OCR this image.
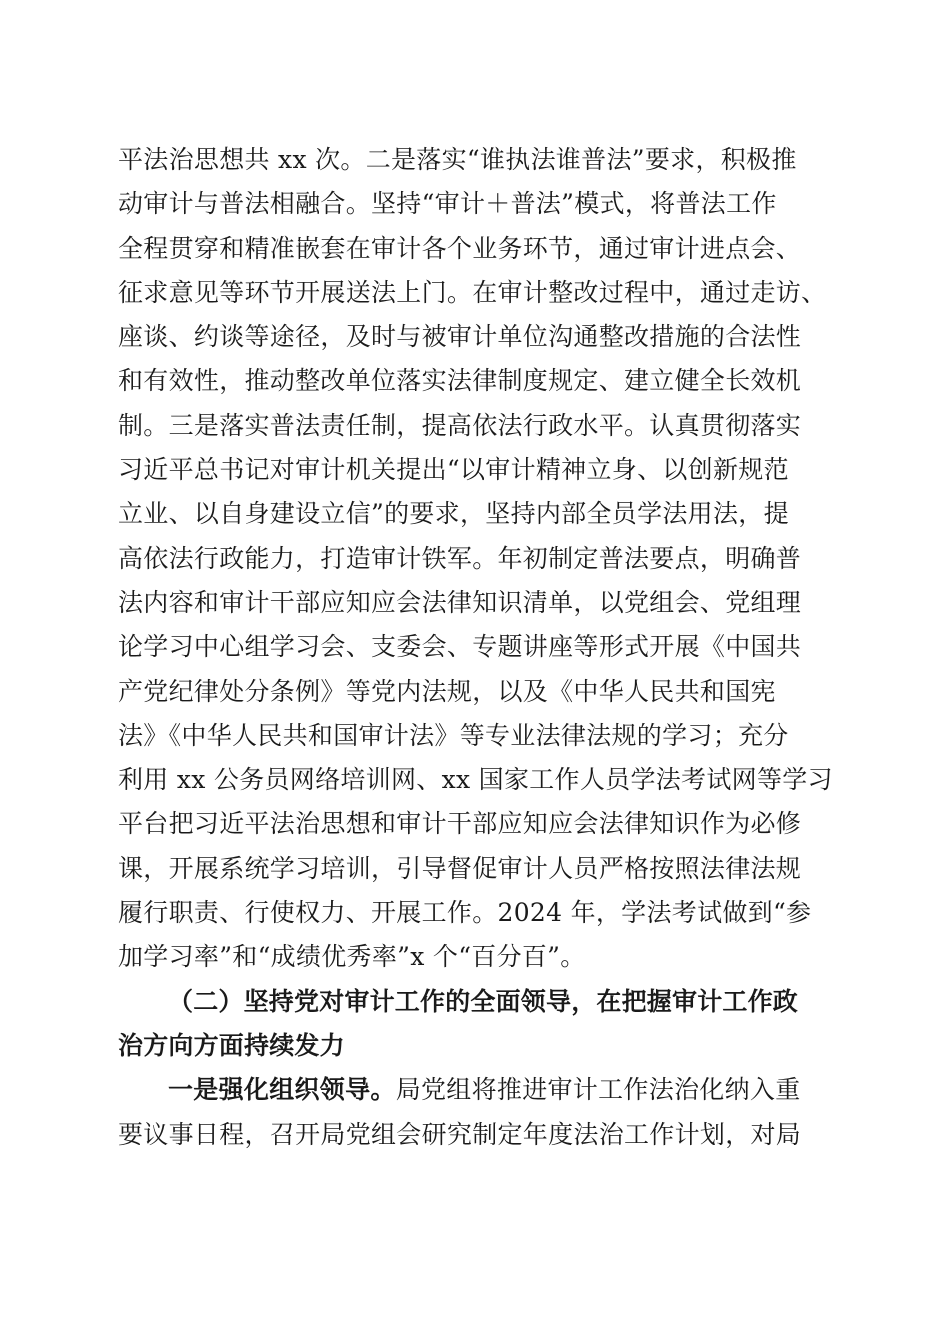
平法治思想共 xx 次。二是落实“谁执法谁普法”要求，积极推
动审计与普法相融合。坚持“审计＋普法”模式，将普法工作
全程贯穿和精准嵌套在审计各个业务环节，通过审计进点会、
征求意见等环节开展送法上门。在审计整改过程中，通过走访、
座谈、约谈等途径，及时与被审计单位沟通整改措施的合法性
和有效性，推动整改单位落实法律制度规定、建立健全长效机
制。三是落实普法责任制，提高依法行政水平。认真贯彻落实
习近平总书记对审计机关提出“以审计精神立身、以创新规范
立业、以自身建设立信”的要求，坚持内部全员学法用法，提
高依法行政能力，打造审计铁军。年初制定普法要点，明确普
法内容和审计干部应知应会法律知识清单，以党组会、党组理
论学习中心组学习会、支委会、专题讲座等形式开展《中国共
产党纪律处分条例》等党内法规，以及《中华人民共和国宪
法》《中华人民共和国审计法》等专业法律法规的学习；充分
利用 xx 公务员网络培训网、xx 国家工作人员学法考试网等学习
平台把习近平法治思想和审计干部应知应会法律知识作为必修
课，开展系统学习培训，引导督促审计人员严格按照法律法规
履行职责、行使权力、开展工作。2024 年，学法考试做到“参
加学习率”和“成绩优秀率”x 个“百分百”。
（二）坚持党对审计工作的全面领导，在把握审计工作政
治方向方面持续发力
一是强化组织领导。局党组将推进审计工作法治化纳入重
要议事日程，召开局党组会研究制定年度法治工作计划，对局
